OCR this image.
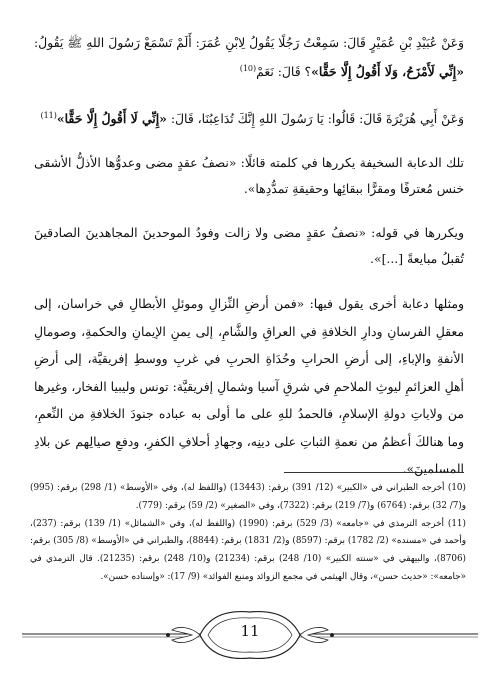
وَعَنْ عُبَيْدِ بْنِ عُمَيْرٍ قَالَ: سَمِعْتُ رَجُلًا يَقُولُ لِابْنِ عُمَرَ: أَلَمْ تَسْمَعْ رَسُولَ اللهِ ﷺ يَقُولُ: «إِنِّي لَأَمْزَحُ، وَلَا أَقُولُ إِلَّا حَقًّا»؟ قَالَ: نَعَمْ$^{(10)}$

وَعَنْ أَبِي هُرَيْرَةَ قَالَ: قَالُوا: يَا رَسُولَ اللهِ إِنَّكَ تُدَاعِبُنَا، قَالَ: «إِنِّي لَا أَقُولُ إِلَّا حَقًّا»$^{(11)}$

تلك الدعابة السخيفة يكررها في كلمته قائلًا: «نصفُ عقدٍ مضى وعدوُّها الأذلُّ الأشقى خنس مُعترفًا ومقرًّا ببقائِها وحقيقةِ تمدُّدِها».

ويكررها في قوله: «نصفُ عقدٍ مضى ولا زالت وفودُ الموحدينَ المجاهدينَ الصادقينَ تُقبلُ مبايعةً [...]».

ومثلها دعابة أخرى يقول فيها: «فمن أرضِ النِّزالِ وموئلِ الأبطالِ في خراسان، إلى معقلِ الفرسانِ ودارِ الخلافةِ في العراقِ والشَّامِ، إلى يمنِ الإيمانِ والحكمةِ، وصومالِ الأنفةِ والإباءِ، إلى أرضِ الحرابِ وحُدَاةِ الحربِ في غربِ ووسطِ إفريقيَّة، إلى أرضِ أهلِ العزائمِ ليوثِ الملاحمِ في شرقِ آسيا وشمالِ إفريقيَّة: تونس وليبيا الفخار، وغيرها من ولاياتِ دولةِ الإسلامِ، فالحمدُ للهِ على ما أولى به عباده جنودَ الخلافةِ من النِّعمِ، وما هنالكَ أعظمُ من نعمةِ الثباتِ على دينِه، وجهادِ أحلافِ الكفرِ، ودفعِ صيالِهم عن بلادِ المسلمينَ».

(10) أخرجه الطبراني في «الكبير» (12/ 391) برقم: (13443) (واللفظ له)، وفي «الأوسط» (1/ 298) برقم: (995) و(7/ 32) برقم: (6764) و(7/ 219) برقم: (7322)، وفي «الصغير» (2/ 59) برقم: (779).

(11) أخرجه الترمذي في «جامعه» (3/ 529) برقم: (1990) (واللفظ له)، وفي «الشمائل» (1/ 139) برقم: (237)، وأحمد في «مسنده» (2/ 1782) برقم: (8597) و(2/ 1831) برقم: (8844)، والطبراني في «الأوسط» (8/ 305) برقم: (8706)، والبيهقي في «سنته الكبير» (10/ 248) برقم: (21234) و(10/ 248) برقم: (21235). قال الترمذي في «جامعه»: «حديث حسن»، وقال الهيثمي في مجمع الزوائد ومنبع الفوائد» (9/ 17): «وإسناده حسن».

11
